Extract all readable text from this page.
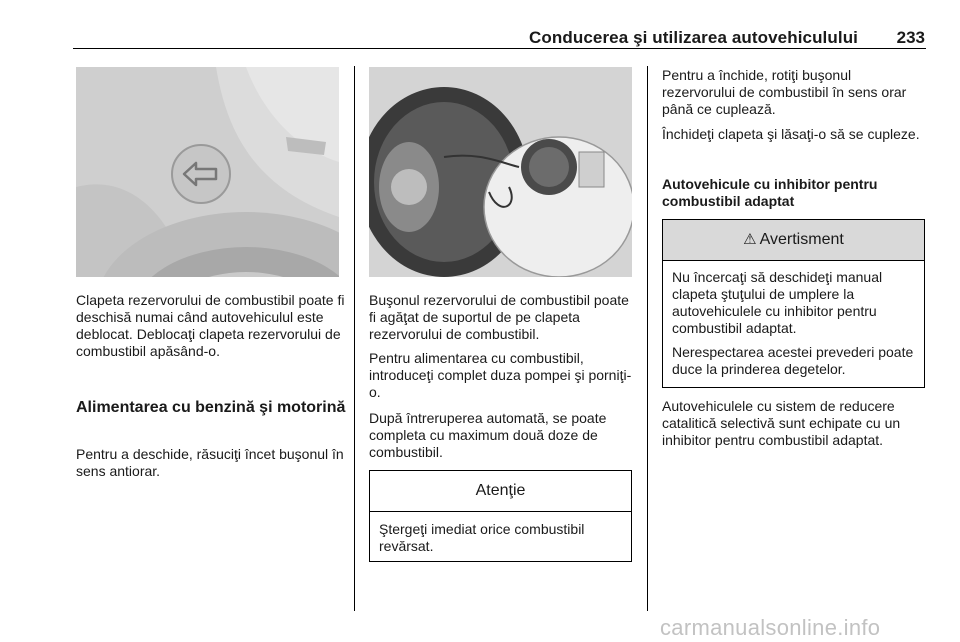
Conducerea şi utilizarea autovehiculului 233

Clapeta rezervorului de combustibil poate fi deschisă numai când autovehiculul este deblocat. Deblocaţi clapeta rezervorului de combustibil apăsând-o.

Alimentarea cu benzină şi motorină

Pentru a deschide, răsuciţi încet buşonul în sens antiorar.

Buşonul rezervorului de combustibil poate fi agăţat de suportul de pe clapeta rezervorului de combustibil.

Pentru alimentarea cu combustibil, introduceţi complet duza pompei şi porniţi-o.

După întreruperea automată, se poate completa cu maximum două doze de combustibil.

Atenţie

Ştergeţi imediat orice combustibil revărsat.

Pentru a închide, rotiţi buşonul rezervorului de combustibil în sens orar până ce cuplează.

Închideţi clapeta şi lăsaţi-o să se cupleze.

Autovehicule cu inhibitor pentru combustibil adaptat
⚠ Avertisment

Nu încercaţi să deschideţi manual clapeta ştuţului de umplere la autovehiculele cu inhibitor pentru combustibil adaptat.

Nerespectarea acestei prevederi poate duce la prinderea degetelor.

Autovehiculele cu sistem de reducere catalitică selectivă sunt echipate cu un inhibitor pentru combustibil adaptat.

carmanualsonline.info
